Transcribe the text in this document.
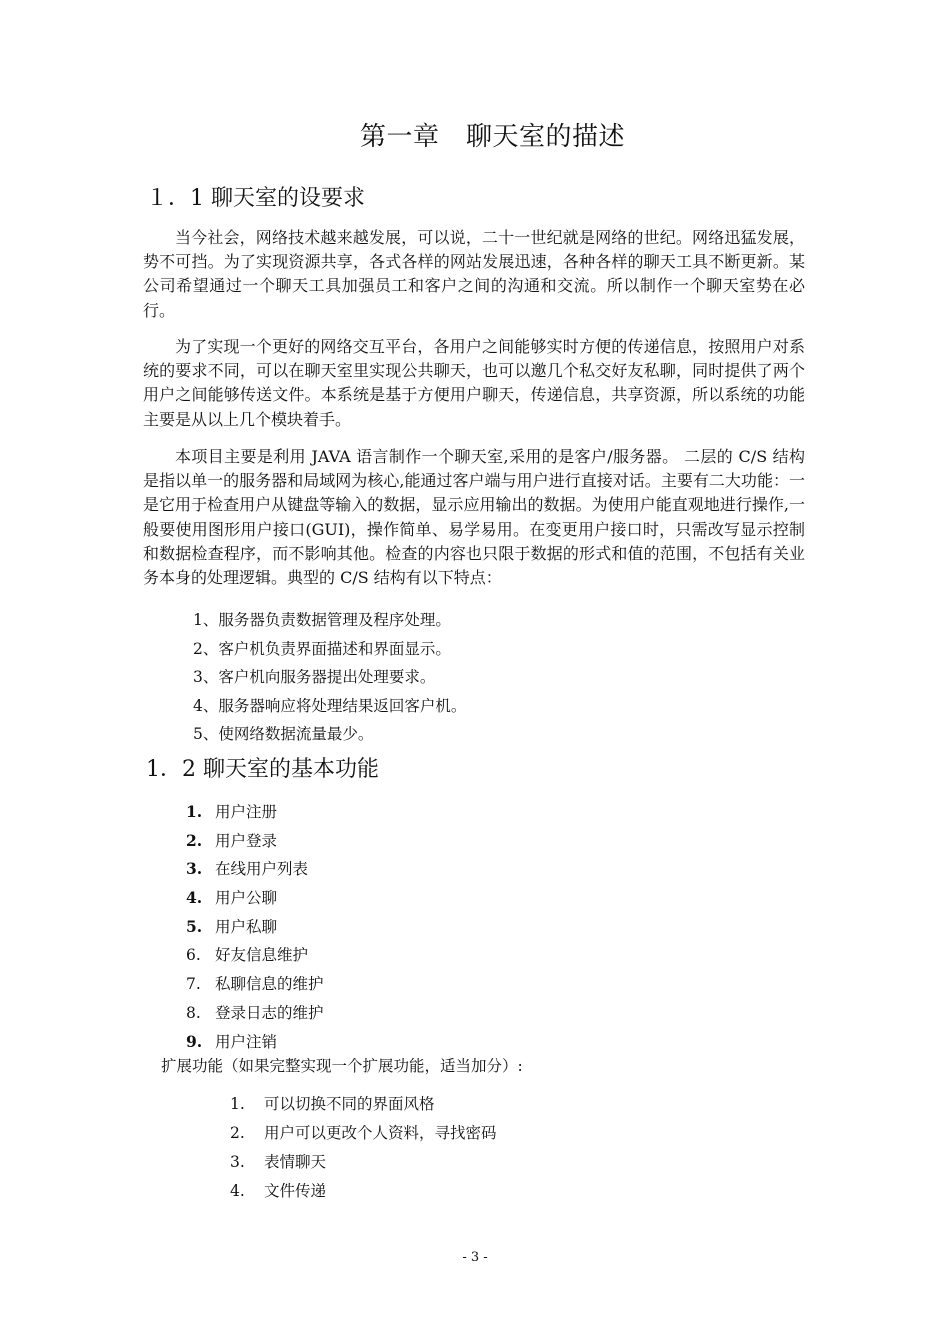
第一章　聊天室的描述
１．1 聊天室的设要求

当今社会，网络技术越来越发展，可以说，二十一世纪就是网络的世纪。网络迅猛发展，势不可挡。为了实现资源共享，各式各样的网站发展迅速，各种各样的聊天工具不断更新。某公司希望通过一个聊天工具加强员工和客户之间的沟通和交流。所以制作一个聊天室势在必行。

为了实现一个更好的网络交互平台，各用户之间能够实时方便的传递信息，按照用户对系统的要求不同，可以在聊天室里实现公共聊天，也可以邀几个私交好友私聊，同时提供了两个用户之间能够传送文件。本系统是基于方便用户聊天，传递信息，共享资源，所以系统的功能主要是从以上几个模块着手。

本项目主要是利用 JAVA 语言制作一个聊天室,采用的是客户/服务器。 二层的 C/S 结构是指以单一的服务器和局域网为核心,能通过客户端与用户进行直接对话。主要有二大功能：一是它用于检查用户从键盘等输入的数据，显示应用输出的数据。为使用户能直观地进行操作,一般要使用图形用户接口(GUI)，操作简单、易学易用。在变更用户接口时，只需改写显示控制和数据检查程序，而不影响其他。检查的内容也只限于数据的形式和值的范围，不包括有关业务本身的处理逻辑。典型的 C/S 结构有以下特点：

1、服务器负责数据管理及程序处理。
2、客户机负责界面描述和界面显示。
3、客户机向服务器提出处理要求。
4、服务器响应将处理结果返回客户机。
5、使网络数据流量最少。
1．2 聊天室的基本功能
1. 用户注册
2. 用户登录
3. 在线用户列表
4. 用户公聊
5. 用户私聊
6. 好友信息维护
7. 私聊信息的维护
8. 登录日志的维护
9. 用户注销
扩展功能（如果完整实现一个扩展功能，适当加分）:
1.	可以切换不同的界面风格
2.	用户可以更改个人资料，寻找密码
3.	表情聊天
4.	文件传递
- 3 -
